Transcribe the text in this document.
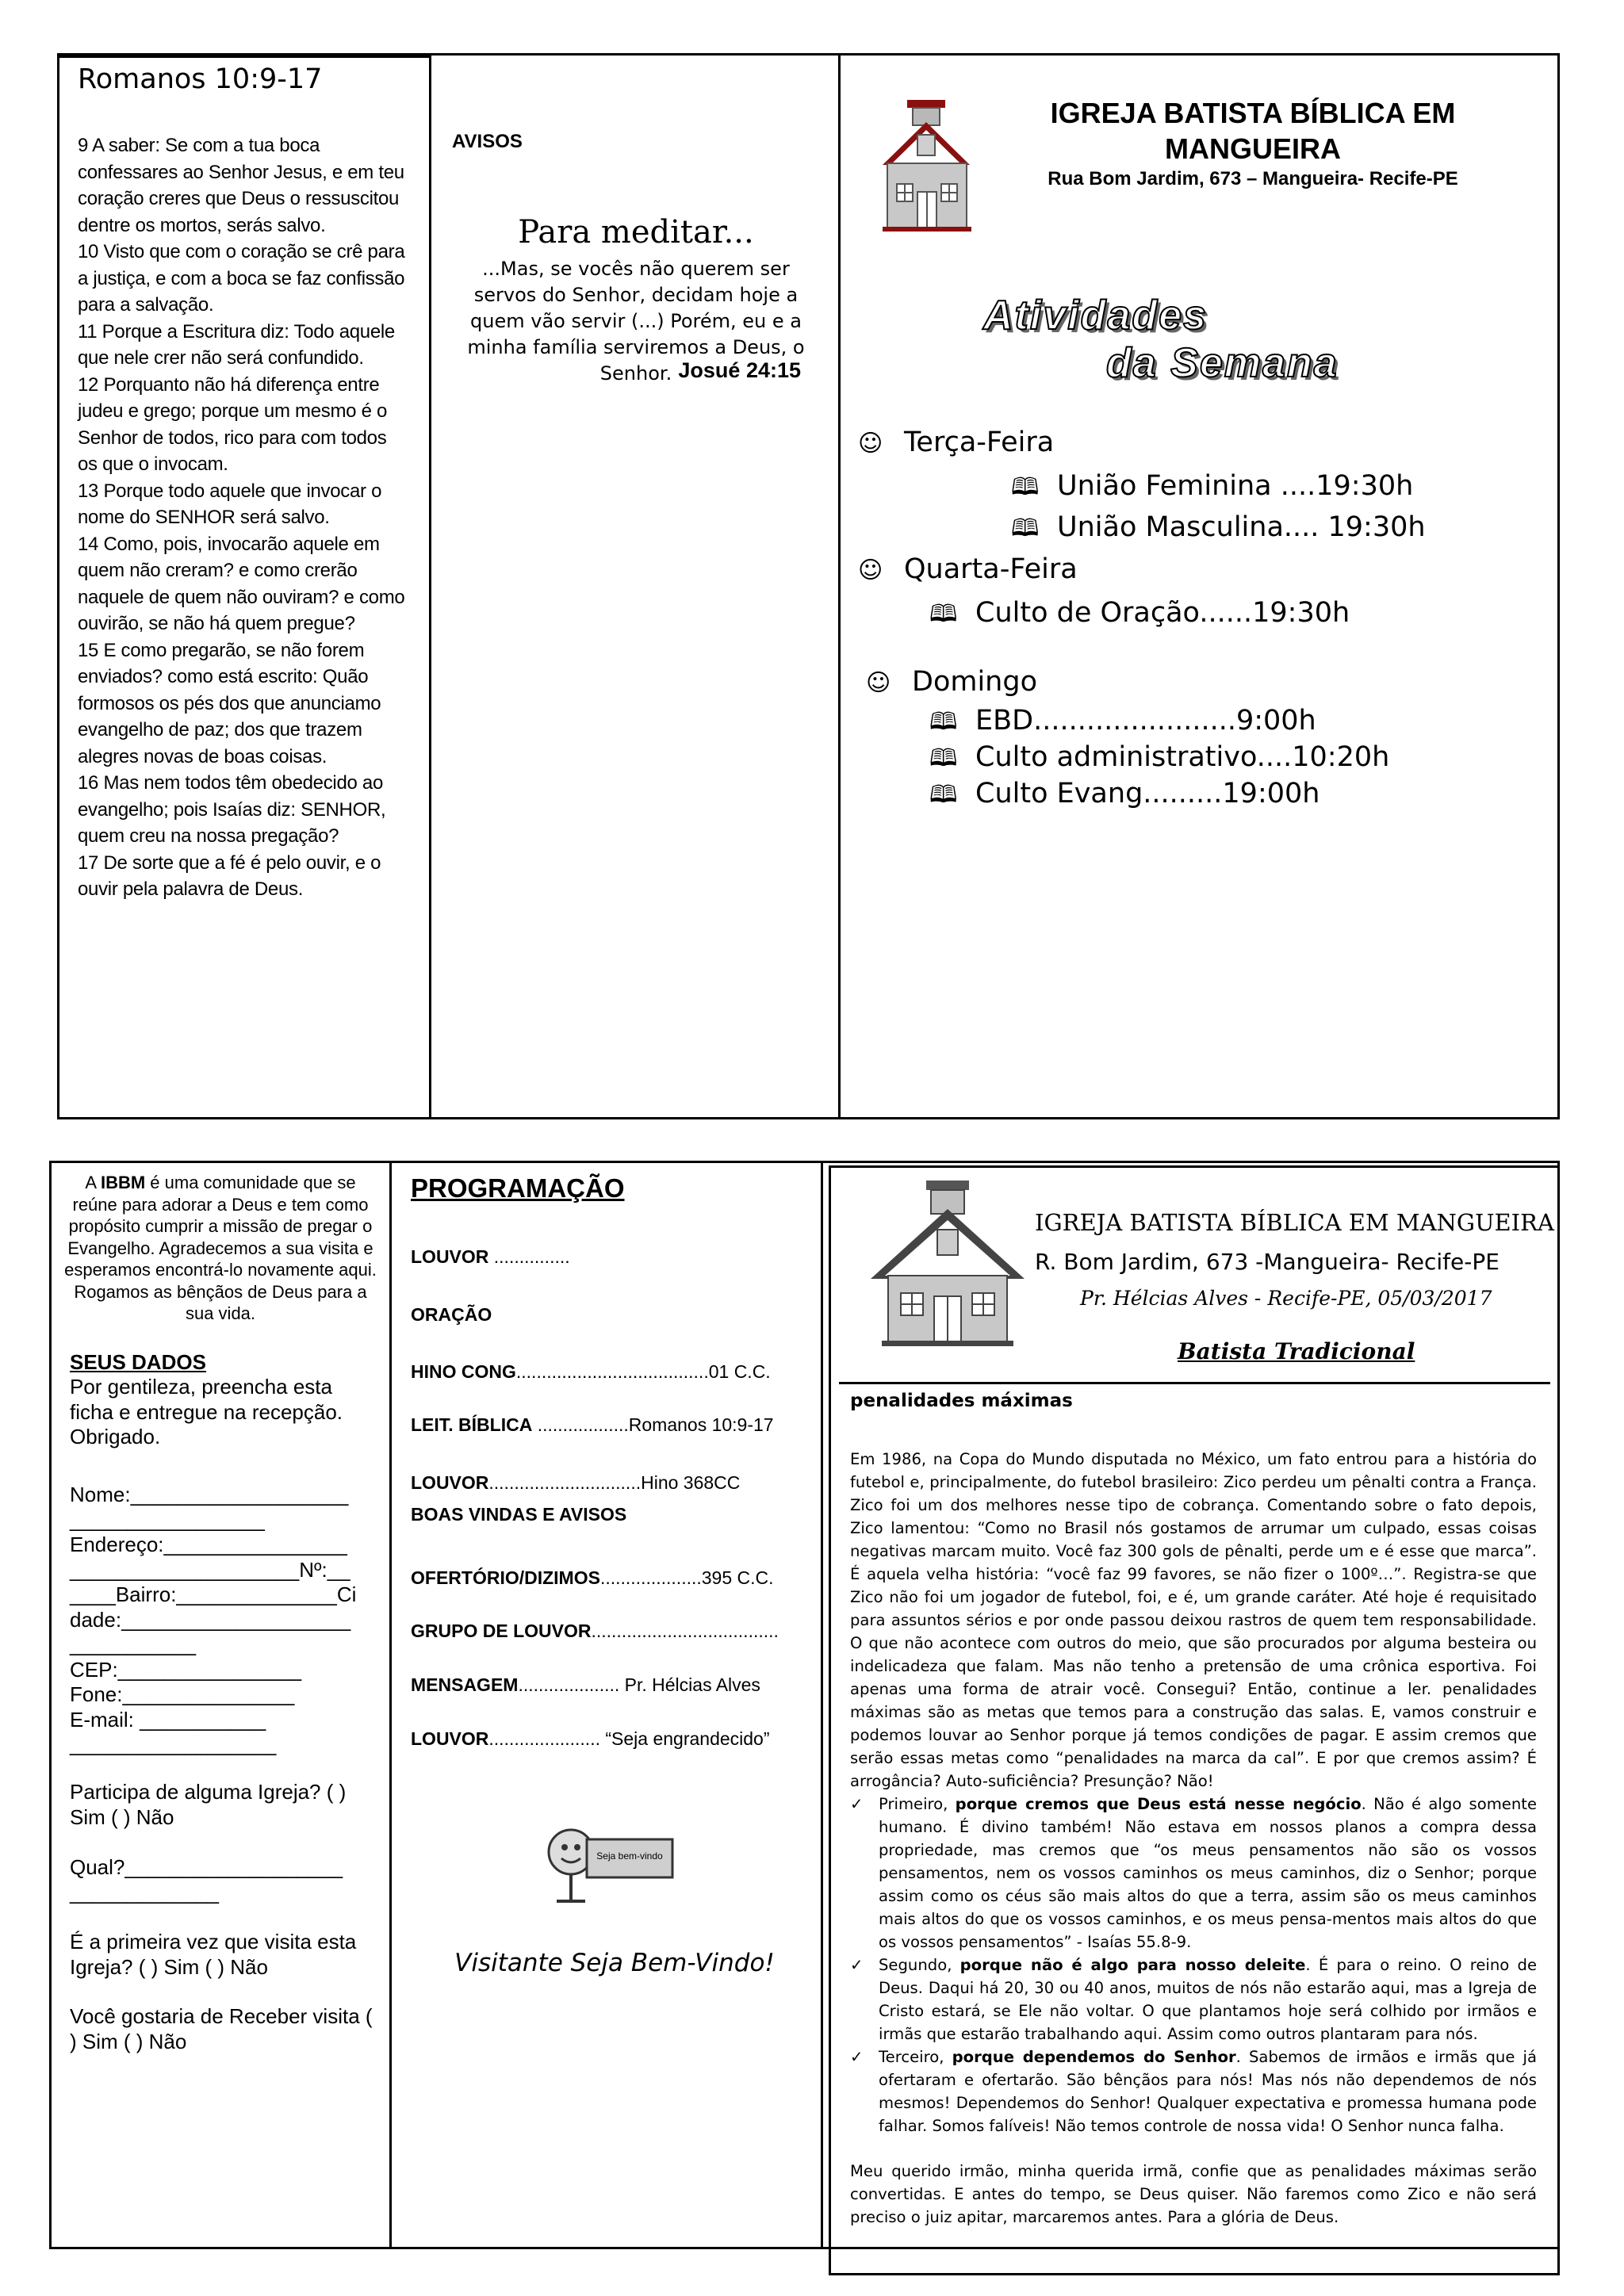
Romanos 10:9-17
9 A saber: Se com a tua boca confessares ao Senhor Jesus, e em teu coração creres que Deus o ressuscitou dentre os mortos, serás salvo.
10 Visto que com o coração se crê para a justiça, e com a boca se faz confissão para a salvação.
11 Porque a Escritura diz: Todo aquele que nele crer não será confundido.
12 Porquanto não há diferença entre judeu e grego; porque um mesmo é o Senhor de todos, rico para com todos os que o invocam.
13 Porque todo aquele que invocar o nome do SENHOR será salvo.
14 Como, pois, invocarão aquele em quem não creram? e como crerão naquele de quem não ouviram? e como ouvirão, se não há quem pregue?
15 E como pregarão, se não forem enviados? como está escrito: Quão formosos os pés dos que anunciamo evangelho de paz; dos que trazem alegres novas de boas coisas.
16 Mas nem todos têm obedecido ao evangelho; pois Isaías diz: SENHOR, quem creu na nossa pregação?
17 De sorte que a fé é pelo ouvir, e o ouvir pela palavra de Deus.
AVISOS
Para meditar...
...Mas, se vocês não querem ser servos do Senhor, decidam hoje a quem vão servir (...) Porém, eu e a minha família serviremos a Deus, o Senhor. Josué 24:15
IGREJA BATISTA BÍBLICA EM
MANGUEIRA
Rua Bom Jardim, 673 – Mangueira- Recife-PE
Atividades
da Semana
☺ Terça-Feira
🕮 União Feminina ....19:30h
🕮 União Masculina.... 19:30h
☺ Quarta-Feira
🕮 Culto de Oração......19:30h
☺ Domingo
🕮 EBD.......................9:00h
🕮 Culto administrativo....10:20h
🕮 Culto Evang.........19:00h
A IBBM é uma comunidade que se reúne para adorar a Deus e tem como propósito cumprir a missão de pregar o Evangelho. Agradecemos a sua visita e esperamos encontrá-lo novamente aqui. Rogamos as bênçãos de Deus para a sua vida.
SEUS DADOS
Por gentileza, preencha esta ficha e entregue na recepção. Obrigado.
Nome:___________________
_________________
Endereço:________________
____________________Nº:__
____Bairro:______________Ci
dade:____________________
___________
CEP:________________
Fone:_______________
E-mail: ___________
__________________
Participa de alguma Igreja? ( ) Sim ( ) Não
Qual?___________________
_____________
É a primeira vez que visita esta Igreja? ( ) Sim ( ) Não
Você gostaria de Receber visita ( ) Sim ( ) Não
PROGRAMAÇÃO
LOUVOR ...............
ORAÇÃO
HINO CONG......................................01 C.C.
LEIT. BÍBLICA ..................Romanos 10:9-17
LOUVOR..............................Hino 368CC
BOAS VINDAS E AVISOS
OFERTÓRIO/DIZIMOS....................395 C.C.
GRUPO DE LOUVOR.....................................
MENSAGEM.................... Pr. Hélcias Alves
LOUVOR...................... “Seja engrandecido”
Seja bem-vindo
Visitante Seja Bem-Vindo!
IGREJA BATISTA BÍBLICA EM MANGUEIRA
R. Bom Jardim, 673 -Mangueira- Recife-PE
Pr. Hélcias Alves - Recife-PE, 05/03/2017
Batista Tradicional
penalidades máximas

Em 1986, na Copa do Mundo disputada no México, um fato entrou para a história do futebol e, principalmente, do futebol brasileiro: Zico perdeu um pênalti contra a França. Zico foi um dos melhores nesse tipo de cobrança. Comentando sobre o fato depois, Zico lamentou: “Como no Brasil nós gostamos de arrumar um culpado, essas coisas negativas marcam muito. Você faz 300 gols de pênalti, perde um e é esse que marca”. É aquela velha história: “você faz 99 favores, se não fizer o 100º…”. Registra-se que Zico não foi um jogador de futebol, foi, e é, um grande caráter. Até hoje é requisitado para assuntos sérios e por onde passou deixou rastros de quem tem responsabilidade. O que não acontece com outros do meio, que são procurados por alguma besteira ou indelicadeza que falam. Mas não tenho a pretensão de uma crônica esportiva. Foi apenas uma forma de atrair você. Consegui? Então, continue a ler. penalidades máximas são as metas que temos para a construção das salas. E, vamos construir e podemos louvar ao Senhor porque já temos condições de pagar. E assim cremos que serão essas metas como “penalidades na marca da cal”. E por que cremos assim? É arrogância? Auto-suficiência? Presunção? Não!

✓ Primeiro, porque cremos que Deus está nesse negócio. Não é algo somente humano. É divino também! Não estava em nossos planos a compra dessa propriedade, mas cremos que “os meus pensamentos não são os vossos pensamentos, nem os vossos caminhos os meus caminhos, diz o Senhor; porque assim como os céus são mais altos do que a terra, assim são os meus caminhos mais altos do que os vossos caminhos, e os meus pensa-mentos mais altos do que os vossos pensamentos” - Isaías 55.8-9.
✓ Segundo, porque não é algo para nosso deleite. É para o reino. O reino de Deus. Daqui há 20, 30 ou 40 anos, muitos de nós não estarão aqui, mas a Igreja de Cristo estará, se Ele não voltar. O que plantamos hoje será colhido por irmãos e irmãs que estarão trabalhando aqui. Assim como outros plantaram para nós.
✓ Terceiro, porque dependemos do Senhor. Sabemos de irmãos e irmãs que já ofertaram e ofertarão. São bênçãos para nós! Mas nós não dependemos de nós mesmos! Dependemos do Senhor! Qualquer expectativa e promessa humana pode falhar. Somos falíveis! Não temos controle de nossa vida! O Senhor nunca falha.

Meu querido irmão, minha querida irmã, confie que as penalidades máximas serão convertidas. E antes do tempo, se Deus quiser. Não faremos como Zico e não será preciso o juiz apitar, marcaremos antes. Para a glória de Deus.
